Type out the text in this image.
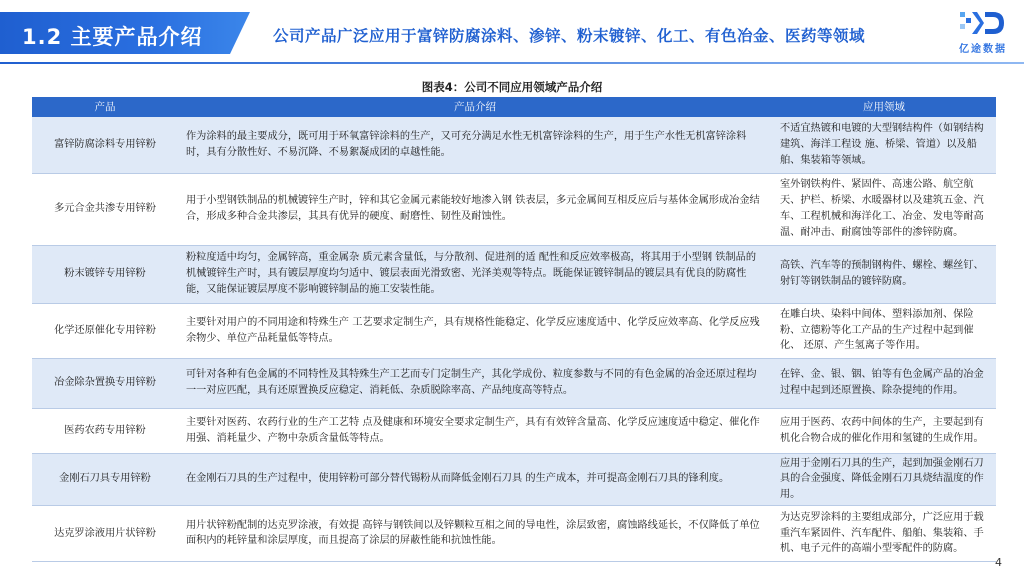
1.2 主要产品介绍	公司产品广泛应用于富锌防腐涂料、渗锌、粉末镀锌、化工、有色冶金、医药等领域
亿途数据
图表4：公司不同应用领域产品介绍
产品	产品介绍	应用领域
富锌防腐涂料专用锌粉	作为涂料的最主要成分，既可用于环氧富锌涂料的生产，又可充分满足水性无机富锌涂料的生产，用于生产水性无机富锌涂料时，具有分散性好、不易沉降、不易絮凝成团的卓越性能。	不适宜热镀和电镀的大型钢结构件（如钢结构建筑、海洋工程设 施、桥梁、管道）以及船舶、集装箱等领域。
多元合金共渗专用锌粉	用于小型钢铁制品的机械镀锌生产时，锌和其它金属元素能较好地渗入钢 铁表层，多元金属间互相反应后与基体金属形成冶金结合，形成多种合金共渗层，其具有优异的硬度、耐磨性、韧性及耐蚀性。	室外钢铁构件、紧固件、高速公路、航空航天、护栏、桥梁、水暖器材以及建筑五金、汽车、工程机械和海洋化工、冶金、发电等耐高温、耐冲击、耐腐蚀等部件的渗锌防腐。
粉末镀锌专用锌粉	粉粒度适中均匀，金属锌高，重金属杂 质元素含量低，与分散剂、促进剂的适 配性和反应效率极高，将其用于小型钢 铁制品的机械镀锌生产时，具有镀层厚度均匀适中、镀层表面光滑致密、光泽美观等特点。既能保证镀锌制品的镀层具有优良的防腐性能，又能保证镀层厚度不影响镀锌制品的施工安装性能。	高铁、汽车等的预制钢构件、螺栓、螺丝钉、射钉等钢铁制品的镀锌防腐。
化学还原催化专用锌粉	主要针对用户的不同用途和特殊生产 工艺要求定制生产，具有规格性能稳定、化学反应速度适中、化学反应效率高、化学反应残余物少、单位产品耗量低等特点。	在雕白块、染料中间体、塑料添加剂、保险粉、立德粉等化工产品的生产过程中起到催化、 还原、产生氢离子等作用。
冶金除杂置换专用锌粉	可针对各种有色金属的不同特性及其特殊生产工艺而专门定制生产，其化学成份、粒度参数与不同的有色金属的冶金还原过程均一一对应匹配，具有还原置换反应稳定、消耗低、杂质脱除率高、产品纯度高等特点。	在锌、金、银、铟、铂等有色金属产品的冶金过程中起到还原置换、除杂提纯的作用。
医药农药专用锌粉	主要针对医药、农药行业的生产工艺特 点及健康和环境安全要求定制生产，具有有效锌含量高、化学反应速度适中稳定、催化作用强、消耗量少、产物中杂质含量低等特点。	应用于医药、农药中间体的生产，主要起到有机化合物合成的催化作用和氢键的生成作用。
金刚石刀具专用锌粉	在金刚石刀具的生产过程中，使用锌粉可部分替代锡粉从而降低金刚石刀具 的生产成本，并可提高金刚石刀具的锋利度。	应用于金刚石刀具的生产，起到加强金刚石刀具的合金强度、降低金刚石刀具烧结温度的作用。
达克罗涂液用片状锌粉	用片状锌粉配制的达克罗涂液，有效提 高锌与钢铁间以及锌颗粒互相之间的导电性，涂层致密，腐蚀路线延长，不仅降低了单位面积内的耗锌量和涂层厚度，而且提高了涂层的屏蔽性能和抗蚀性能。	为达克罗涂料的主要组成部分，广泛应用于载重汽车紧固件、汽车配件、船舶、集装箱、手机、电子元件的高端小型零配件的防腐。
4
